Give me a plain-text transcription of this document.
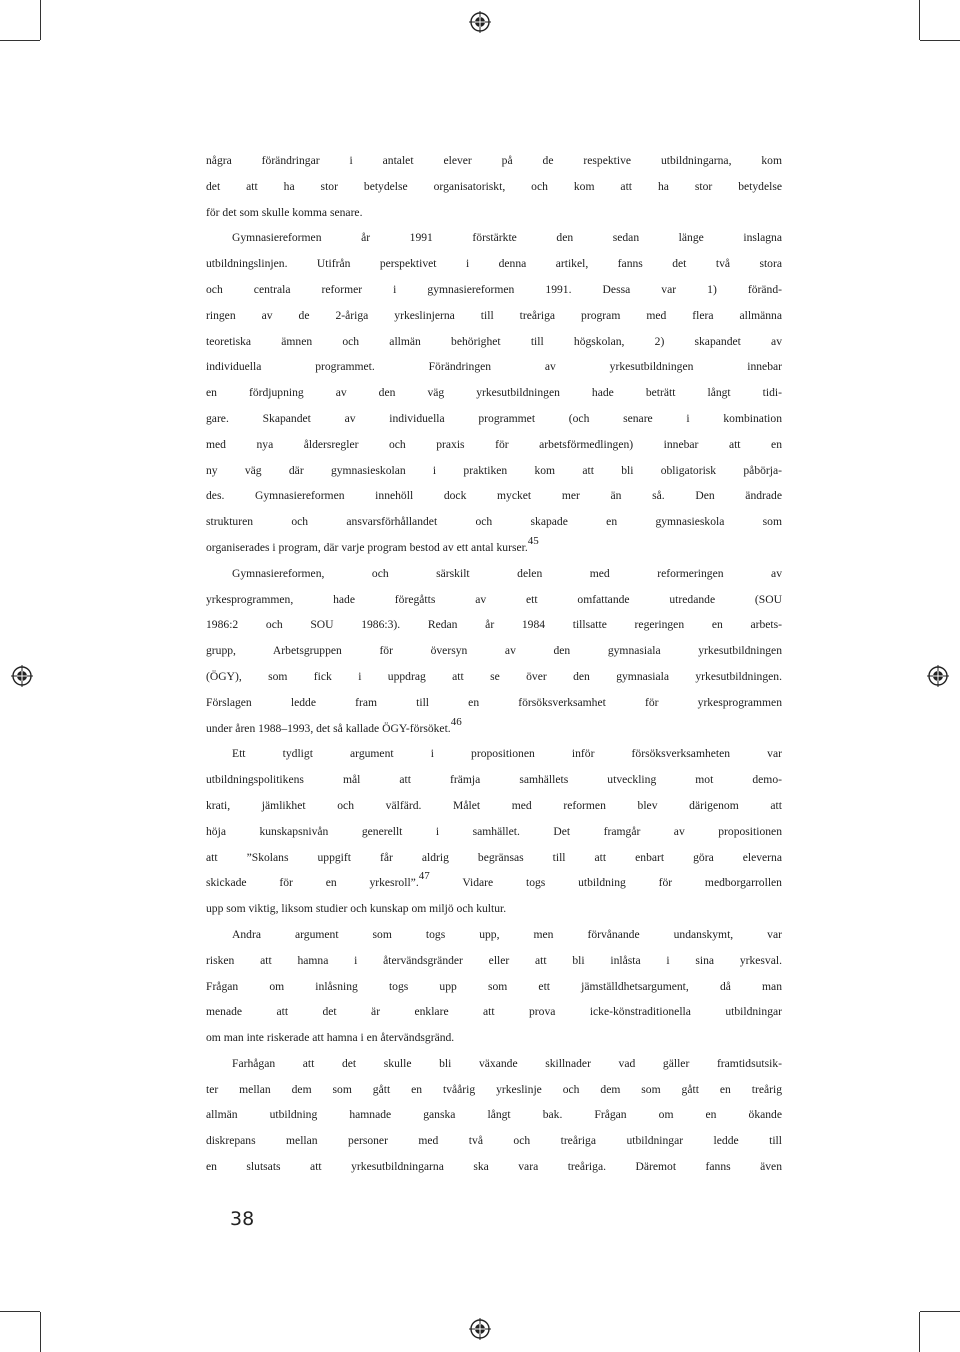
några förändringar i antalet elever på de respektive utbildningarna, kom
det att ha stor betydelse organisatoriskt, och kom att ha stor betydelse
för det som skulle komma senare.
Gymnasiereformen år 1991 förstärkte den sedan länge inslagna
utbildningslinjen. Utifrån perspektivet i denna artikel, fanns det två stora
och centrala reformer i gymnasiereformen 1991. Dessa var 1) föränd-
ringen av de 2-åriga yrkeslinjerna till treåriga program med flera allmänna
teoretiska ämnen och allmän behörighet till högskolan, 2) skapandet av
individuella programmet. Förändringen av yrkesutbildningen innebar
en fördjupning av den väg yrkesutbildningen hade beträtt långt tidi-
gare. Skapandet av individuella programmet (och senare i kombination
med nya åldersregler och praxis för arbetsförmedlingen) innebar att en
ny väg där gymnasieskolan i praktiken kom att bli obligatorisk påbörja-
des. Gymnasiereformen innehöll dock mycket mer än så. Den ändrade
strukturen och ansvarsförhållandet och skapade en gymnasieskola som
organiserades i program, där varje program bestod av ett antal kurser.$^{45}$
Gymnasiereformen, och särskilt delen med reformeringen av
yrkesprogrammen, hade föregåtts av ett omfattande utredande (SOU
1986:2 och SOU 1986:3). Redan år 1984 tillsatte regeringen en arbets-
grupp, Arbetsgruppen för översyn av den gymnasiala yrkesutbildningen
(ÖGY), som fick i uppdrag att se över den gymnasiala yrkesutbildningen.
Förslagen ledde fram till en försöksverksamhet för yrkesprogrammen
under åren 1988–1993, det så kallade ÖGY-försöket.$^{46}$
Ett tydligt argument i propositionen inför försöksverksamheten var
utbildningspolitikens mål att främja samhällets utveckling mot demo-
krati, jämlikhet och välfärd. Målet med reformen blev därigenom att
höja kunskapsnivån generellt i samhället. Det framgår av propositionen
att ”Skolans uppgift får aldrig begränsas till att enbart göra eleverna
skickade för en yrkesroll”.$^{47}$ Vidare togs utbildning för medborgarrollen
upp som viktig, liksom studier och kunskap om miljö och kultur.
Andra argument som togs upp, men förvånande undanskymt, var
risken att hamna i återvändsgränder eller att bli inlåsta i sina yrkesval.
Frågan om inlåsning togs upp som ett jämställdhetsargument, då man
menade att det är enklare att prova icke-könstraditionella utbildningar
om man inte riskerade att hamna i en återvändsgränd.
Farhågan att det skulle bli växande skillnader vad gäller framtidsutsik-
ter mellan dem som gått en tvåårig yrkeslinje och dem som gått en treårig
allmän utbildning hamnade ganska långt bak. Frågan om en ökande
diskrepans mellan personer med två och treåriga utbildningar ledde till
en slutsats att yrkesutbildningarna ska vara treåriga. Däremot fanns även
38
